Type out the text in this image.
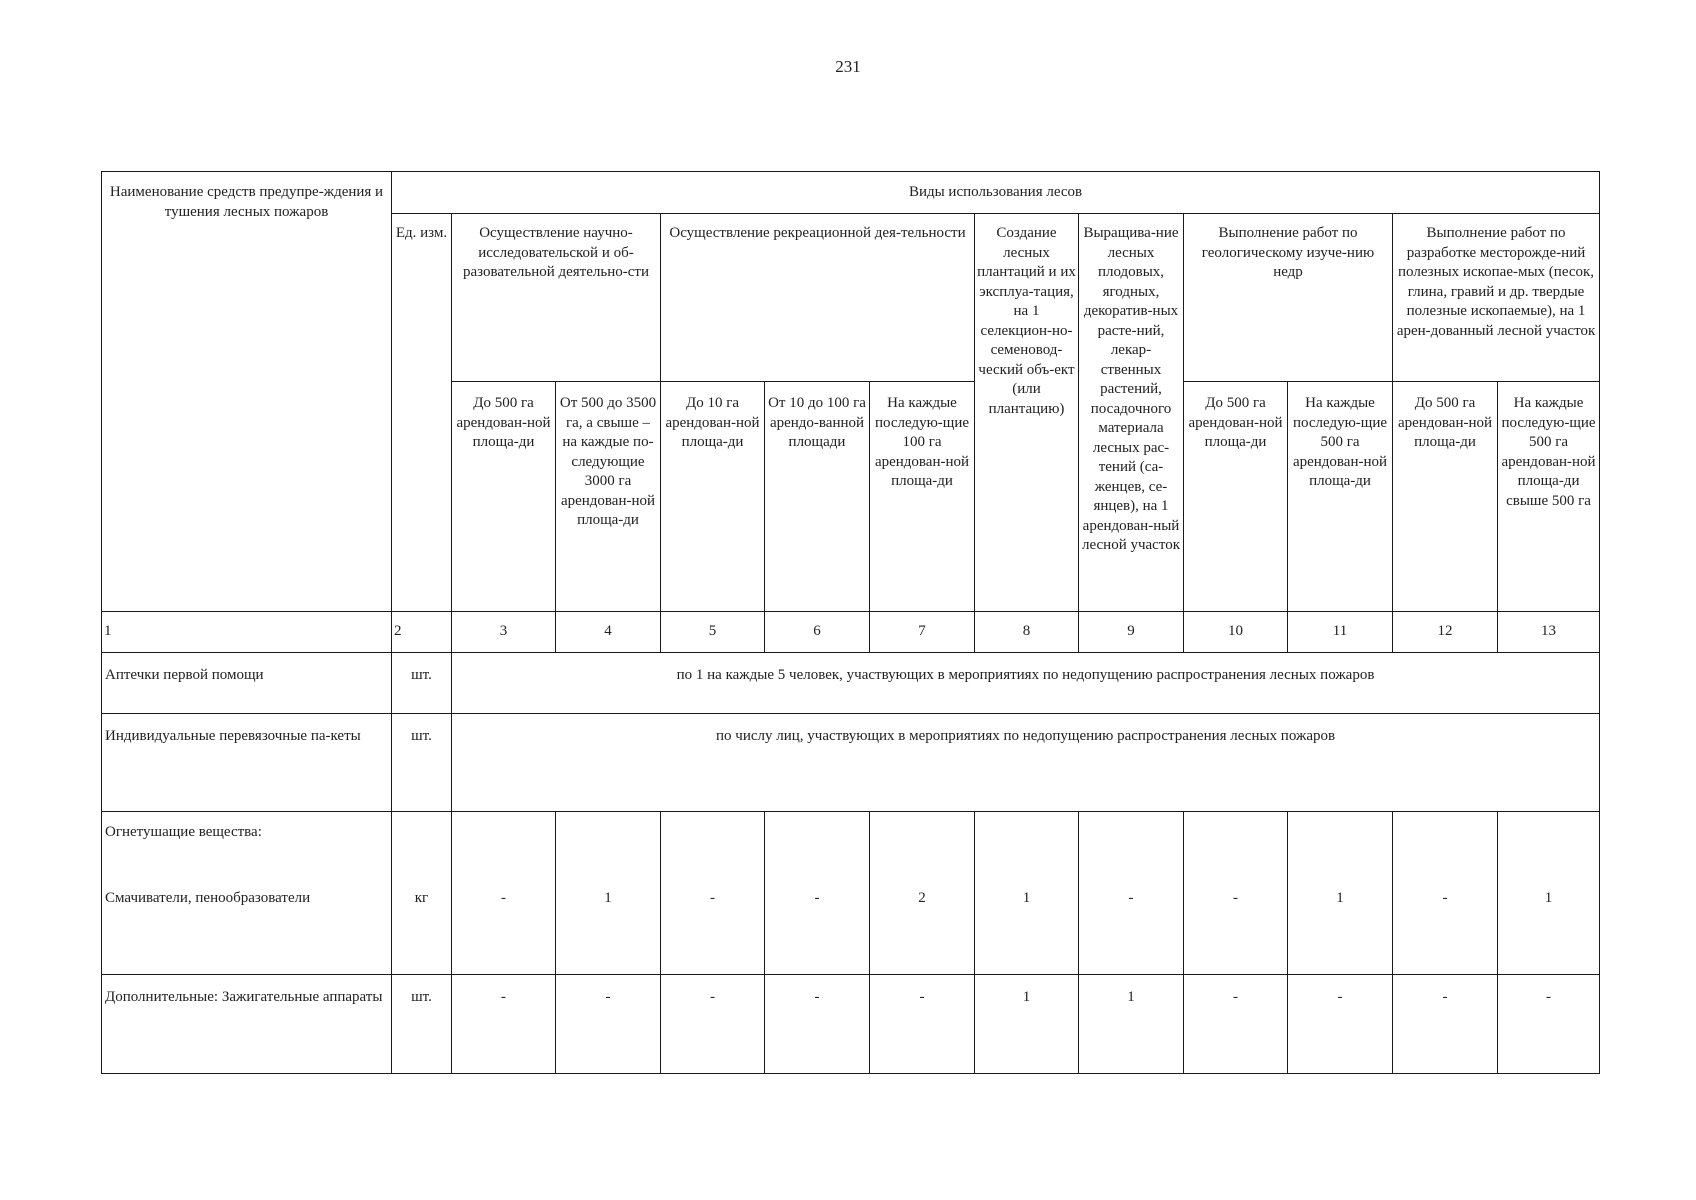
231
Наименование средств предупре-ждения и тушения лесных пожаров	Виды использования лесов											
	Ед. изм.	Осуществление научно-исследовательской и об-разовательной деятельно-сти		Осуществление рекреационной дея-тельности			Создание лесных плантаций и их эксплуа-тация, на 1 селекцион-но-семеновод-ческий объ-ект (или плантацию)	Выращива-ние лесных плодовых, ягодных, декоратив-ных расте-ний, лекар-ственных растений, посадочного материала лесных рас-тений (са-женцев, се-янцев), на 1 арендован-ный лесной участок	Выполнение работ по геологическому изуче-нию недр		Выполнение работ по разработке месторожде-ний полезных ископае-мых (песок, глина, гравий и др. твердые полезные ископаемые), на 1 арен-дованный лесной участок	
		До 500 га арендован-ной площа-ди	От 500 до 3500 га, а свыше – на каждые по-следующие 3000 га арендован-ной площа-ди	До 10 га арендован-ной площа-ди	От 10 до 100 га арендо-ванной площади	На каждые последую-щие 100 га арендован-ной площа-ди			До 500 га арендован-ной площа-ди	На каждые последую-щие 500 га арендован-ной площа-ди	До 500 га арендован-ной площа-ди	На каждые последую-щие 500 га арендован-ной площа-ди свыше 500 га
1	2	3	4	5	6	7	8	9	10	11	12	13
Аптечки первой помощи	шт.	по 1 на каждые 5 человек, участвующих в мероприятиях по недопущению распространения лесных пожаров										
Индивидуальные перевязочные па-кеты	шт.	по числу лиц, участвующих в мероприятиях по недопущению распространения лесных пожаров										

Огнетушащие вещества:
Смачиватели, пенообразователи	кг	-	1	-	-	2	1	-	-	1	-	1
Дополнительные: Зажигательные аппараты	шт.	-	-	-	-	-	1	1	-	-	-	-
